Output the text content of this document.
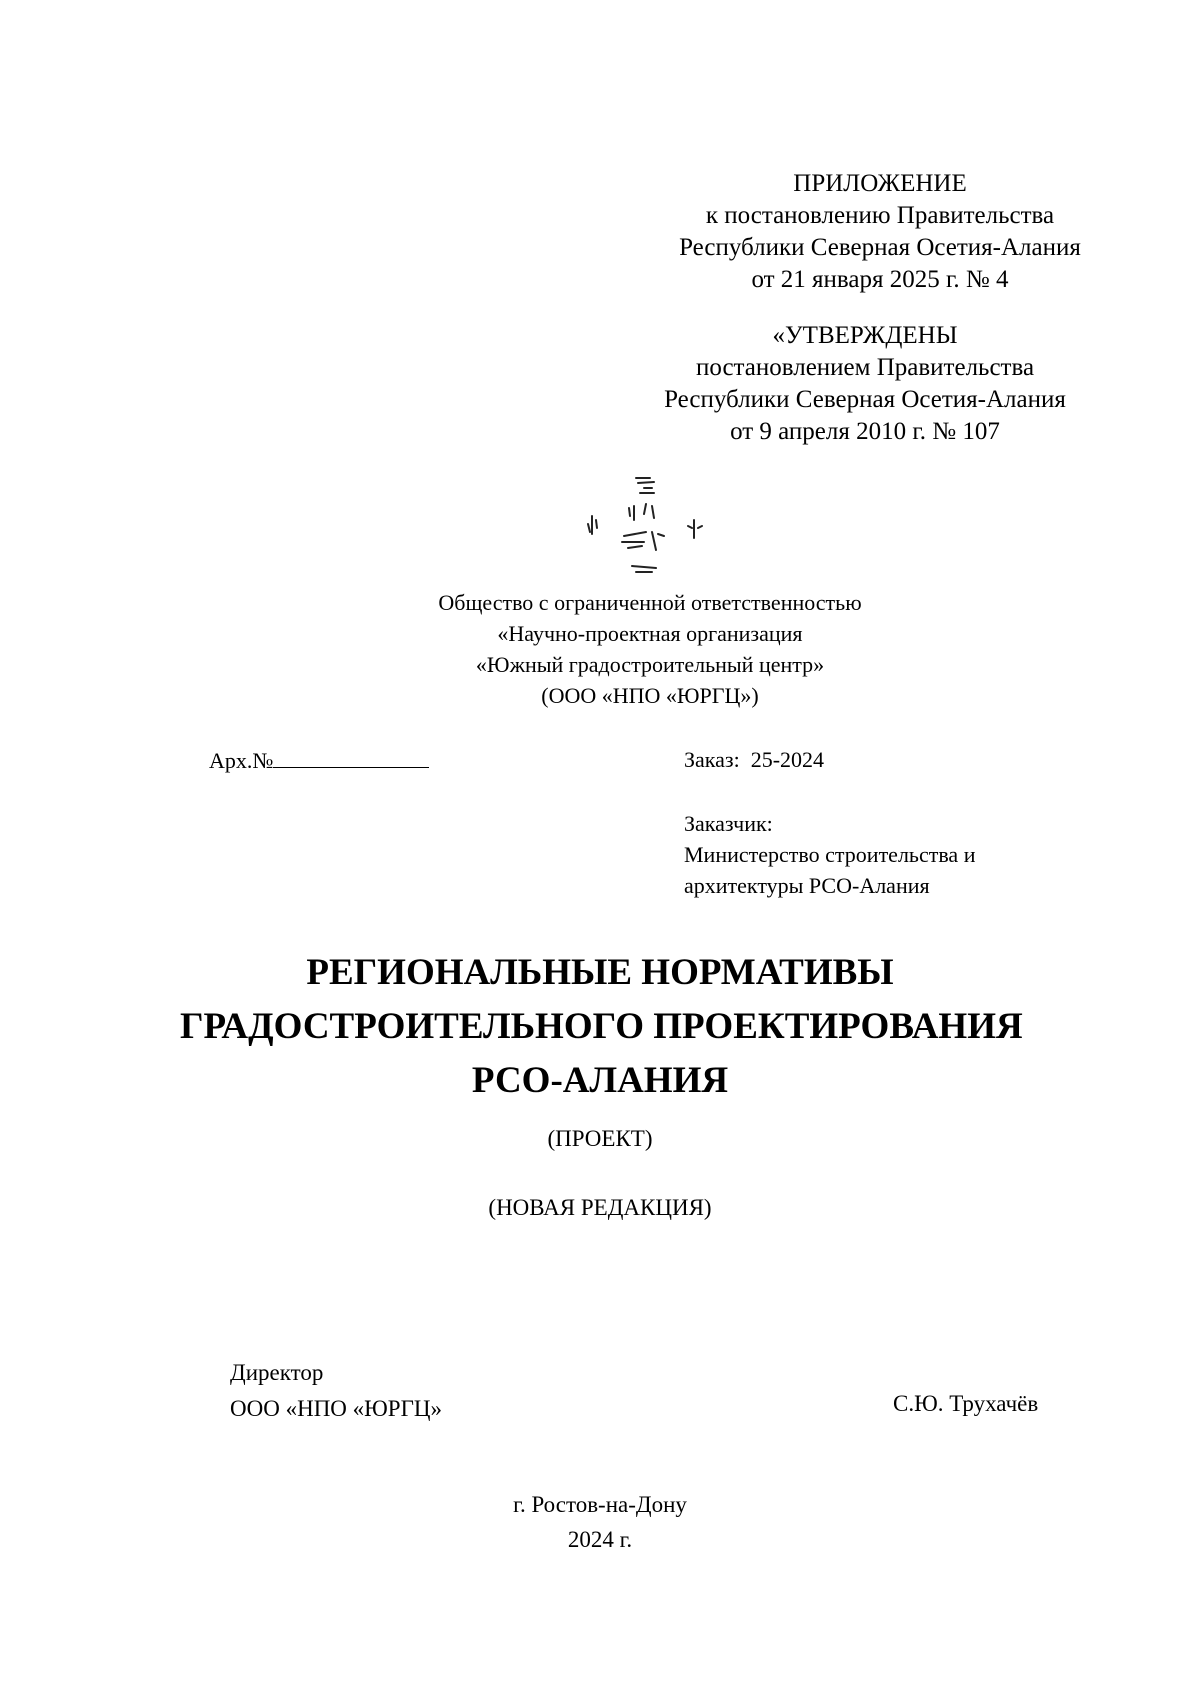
ПРИЛОЖЕНИЕ
к постановлению Правительства
Республики Северная Осетия-Алания
от 21 января 2025 г. № 4
«УТВЕРЖДЕНЫ
постановлением Правительства
Республики Северная Осетия-Алания
от 9 апреля 2010 г. № 107
Общество с ограниченной ответственностью
«Научно-проектная организация
«Южный градостроительный центр»
(ООО «НПО «ЮРГЦ»)
Арх.№	Заказ: 25-2024
Заказчик:
Министерство строительства и
архитектуры РСО-Алания
РЕГИОНАЛЬНЫЕ НОРМАТИВЫ
ГРАДОСТРОИТЕЛЬНОГО ПРОЕКТИРОВАНИЯ
РСО-АЛАНИЯ
(ПРОЕКТ)
(НОВАЯ РЕДАКЦИЯ)
Директор
ООО «НПО «ЮРГЦ»	С.Ю. Трухачёв
г. Ростов-на-Дону
2024 г.
